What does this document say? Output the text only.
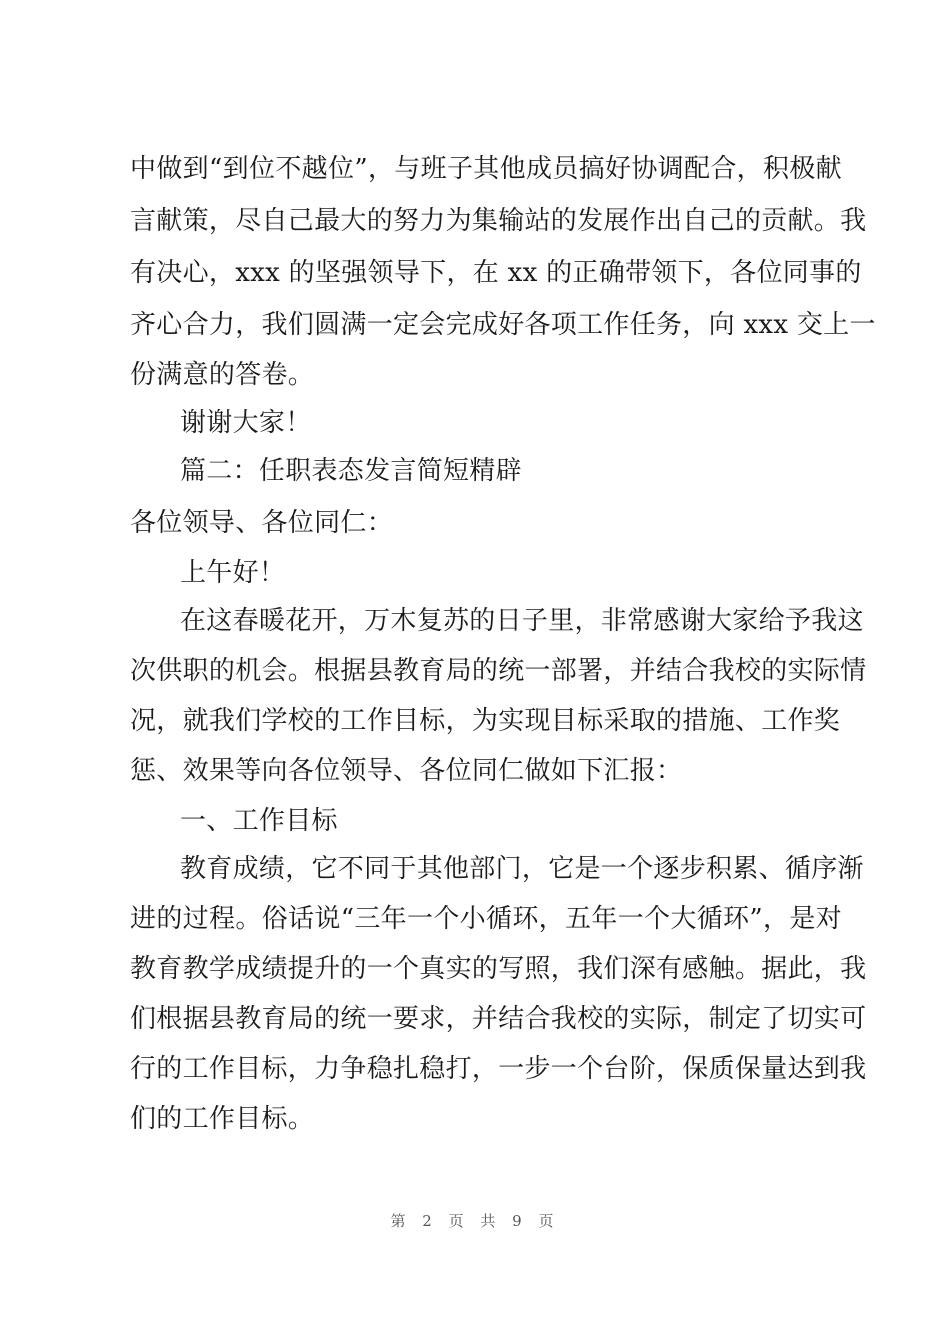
中做到“到位不越位”，与班子其他成员搞好协调配合，积极献
言献策，尽自己最大的努力为集输站的发展作出自己的贡献。我
有决心，xxx 的坚强领导下，在 xx 的正确带领下，各位同事的
齐心合力，我们圆满一定会完成好各项工作任务，向 xxx 交上一
份满意的答卷。
谢谢大家！
篇二：任职表态发言简短精辟
各位领导、各位同仁：
上午好！
在这春暖花开，万木复苏的日子里，非常感谢大家给予我这
次供职的机会。根据县教育局的统一部署，并结合我校的实际情
况，就我们学校的工作目标，为实现目标采取的措施、工作奖
惩、效果等向各位领导、各位同仁做如下汇报：
一、工作目标
教育成绩，它不同于其他部门，它是一个逐步积累、循序渐
进的过程。俗话说“三年一个小循环，五年一个大循环”，是对
教育教学成绩提升的一个真实的写照，我们深有感触。据此，我
们根据县教育局的统一要求，并结合我校的实际，制定了切实可
行的工作目标，力争稳扎稳打，一步一个台阶，保质保量达到我
们的工作目标。
第 2 页 共 9 页
